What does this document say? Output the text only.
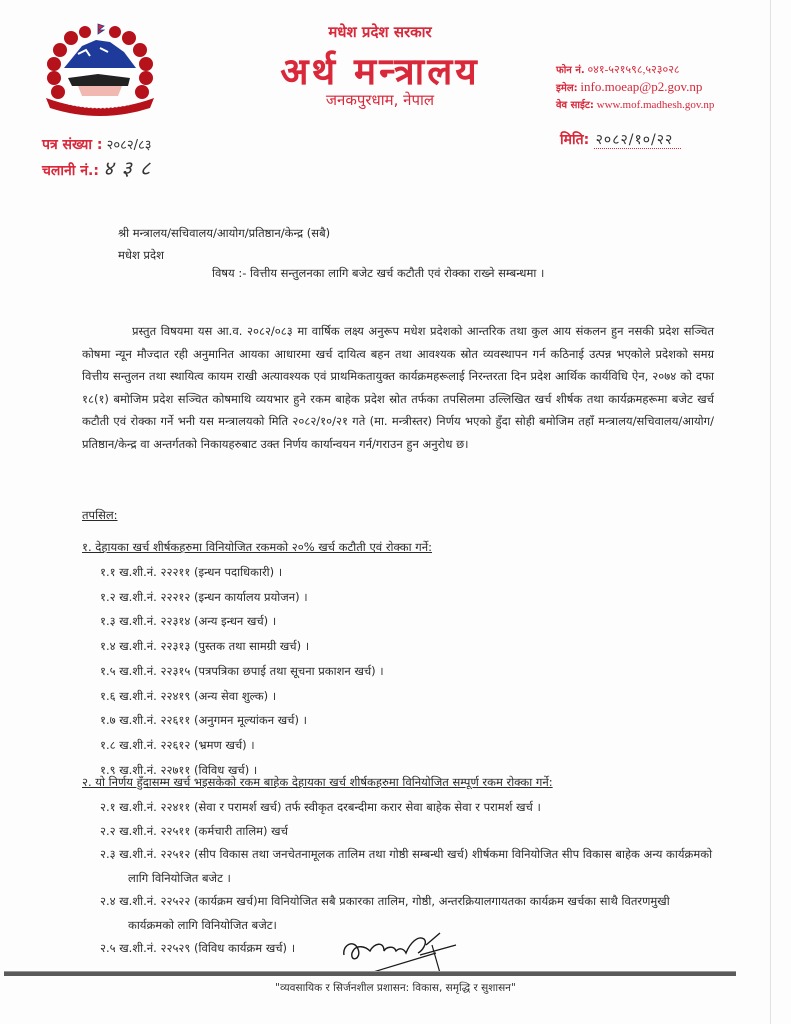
मधेश प्रदेश सरकार
अर्थ मन्त्रालय
जनकपुरधाम, नेपाल
फोन नं. ०४१-५२१५९८,५२३०२८
इमेल: info.moeap@p2.gov.np
वेव साईट: www.mof.madhesh.gov.np
पत्र संख्या : २०८२/८३
चलानी नं.: ४३८
मिति: २०८२/१०/२२
श्री मन्त्रालय/सचिवालय/आयोग/प्रतिष्ठान/केन्द्र (सबै)
मधेश प्रदेश
विषय :- वित्तीय सन्तुलनका लागि बजेट खर्च कटौती एवं रोक्का राख्ने सम्बन्धमा ।
प्रस्तुत विषयमा यस आ.व. २०८२/०८३ मा वार्षिक लक्ष्य अनुरूप मधेश प्रदेशको आन्तरिक तथा कुल आय संकलन हुन नसकी प्रदेश सञ्चित कोषमा न्यून मौज्दात रही अनुमानित आयका आधारमा खर्च दायित्व बहन तथा आवश्यक स्रोत व्यवस्थापन गर्न कठिनाई उत्पन्न भएकोले प्रदेशको समग्र वित्तीय सन्तुलन तथा स्थायित्व कायम राखी अत्यावश्यक एवं प्राथमिकतायुक्त कार्यक्रमहरूलाई निरन्तरता दिन प्रदेश आर्थिक कार्यविधि ऐन, २०७४ को दफा १८(१) बमोजिम प्रदेश सञ्चित कोषमाथि व्ययभार हुने रकम बाहेक प्रदेश स्रोत तर्फका तपसिलमा उल्लिखित खर्च शीर्षक तथा कार्यक्रमहरूमा बजेट खर्च कटौती एवं रोक्का गर्ने भनी यस मन्त्रालयको मिति २०८२/१०/२१ गते (मा. मन्त्रीस्तर) निर्णय भएको हुँदा सोही बमोजिम तहाँ मन्त्रालय/सचिवालय/आयोग/प्रतिष्ठान/केन्द्र वा अन्तर्गतको निकायहरुबाट उक्त निर्णय कार्यान्वयन गर्न/गराउन हुन अनुरोध छ।
तपसिल:
१. देहायका खर्च शीर्षकहरुमा विनियोजित रकमको २०% खर्च कटौती एवं रोक्का गर्ने:
१.१ ख.शी.नं. २२२११ (इन्धन पदाधिकारी) ।
१.२ ख.शी.नं. २२२१२ (इन्धन कार्यालय प्रयोजन) ।
१.३ ख.शी.नं. २२३१४ (अन्य इन्धन खर्च) ।
१.४ ख.शी.नं. २२३१३ (पुस्तक तथा सामग्री खर्च) ।
१.५ ख.शी.नं. २२३१५ (पत्रपत्रिका छपाई तथा सूचना प्रकाशन खर्च) ।
१.६ ख.शी.नं. २२४१९ (अन्य सेवा शुल्क) ।
१.७ ख.शी.नं. २२६११ (अनुगमन मूल्यांकन खर्च) ।
१.८ ख.शी.नं. २२६१२ (भ्रमण खर्च) ।
१.९ ख.शी.नं. २२७११ (विविध खर्च) ।
२. यो निर्णय हुँदासम्म खर्च भइसकेको रकम बाहेक देहायका खर्च शीर्षकहरुमा विनियोजित सम्पूर्ण रकम रोक्का गर्ने:
२.१ ख.शी.नं. २२४११ (सेवा र परामर्श खर्च) तर्फ स्वीकृत दरबन्दीमा करार सेवा बाहेक सेवा र परामर्श खर्च ।
२.२ ख.शी.नं. २२५११ (कर्मचारी तालिम) खर्च
२.३ ख.शी.नं. २२५१२ (सीप विकास तथा जनचेतनामूलक तालिम तथा गोष्ठी सम्बन्धी खर्च) शीर्षकमा विनियोजित सीप विकास बाहेक अन्य कार्यक्रमको लागि विनियोजित बजेट ।
२.४ ख.शी.नं. २२५२२ (कार्यक्रम खर्च)मा विनियोजित सबै प्रकारका तालिम, गोष्ठी, अन्तरक्रियालगायतका कार्यक्रम खर्चका साथै वितरणमुखी कार्यक्रमको लागि विनियोजित बजेट।
२.५ ख.शी.नं. २२५२९ (विविध कार्यक्रम खर्च) ।
"व्यवसायिक र सिर्जनशील प्रशासन: विकास, समृद्धि र सुशासन"
